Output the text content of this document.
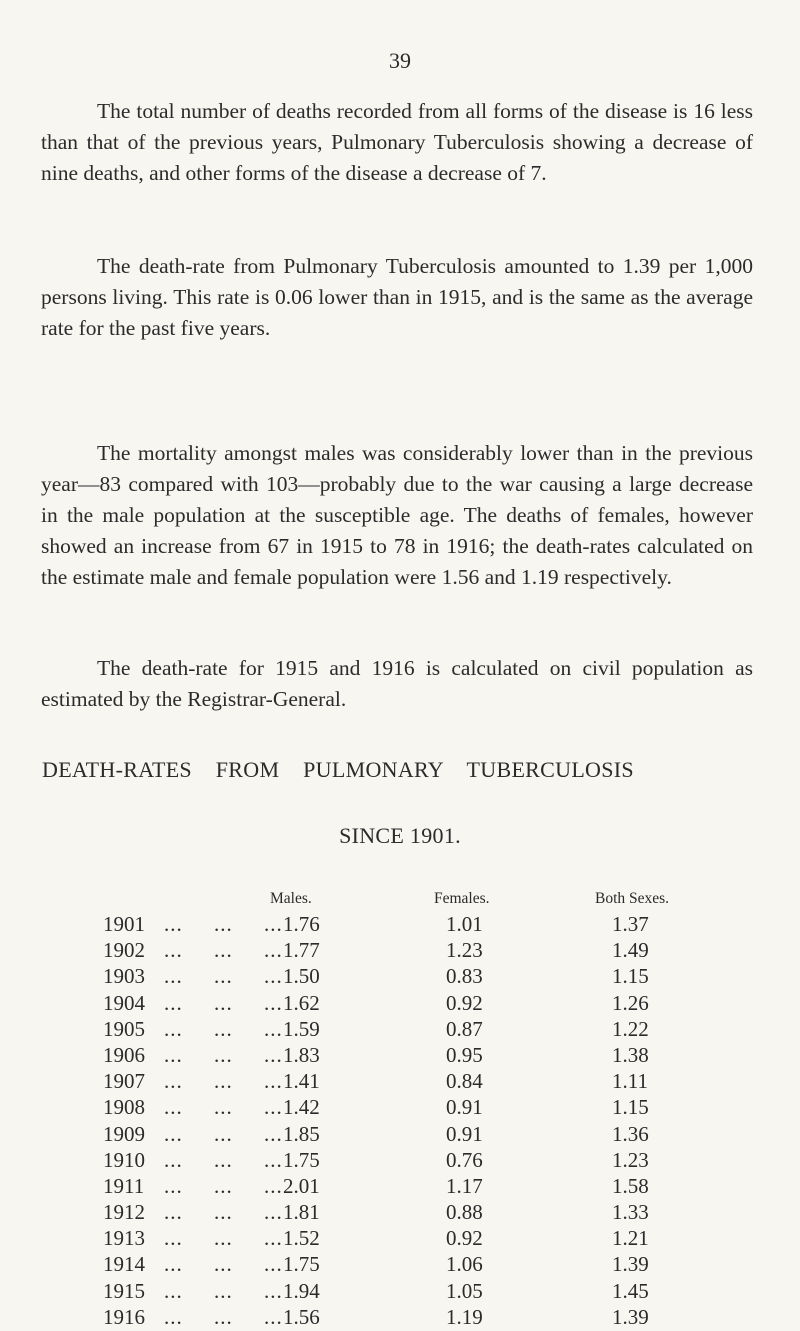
39

The total number of deaths recorded from all forms of the disease is 16 less than that of the previous years, Pulmonary Tuberculosis showing a decrease of nine deaths, and other forms of the disease a decrease of 7.

The death-rate from Pulmonary Tuberculosis amounted to 1.39 per 1,000 persons living. This rate is 0.06 lower than in 1915, and is the same as the average rate for the past five years.

The mortality amongst males was considerably lower than in the previous year—83 compared with 103—probably due to the war causing a large decrease in the male population at the susceptible age. The deaths of females, however showed an increase from 67 in 1915 to 78 in 1916; the death-rates calculated on the estimate male and female population were 1.56 and 1.19 respectively.

The death-rate for 1915 and 1916 is calculated on civil population as estimated by the Registrar-General.

DEATH-RATES FROM PULMONARY TUBERCULOSIS

SINCE 1901.

Males.	Females.	Both Sexes.
1901 ...     ...     ... 1.76	1.01	1.37
1902 ...     ...     ... 1.77	1.23	1.49
1903 ...     ...     ... 1.50	0.83	1.15
1904 ...     ...     ... 1.62	0.92	1.26
1905 ...     ...     ... 1.59	0.87	1.22
1906 ...     ...     ... 1.83	0.95	1.38
1907 ...     ...     ... 1.41	0.84	1.11
1908 ...     ...     ... 1.42	0.91	1.15
1909 ...     ...     ... 1.85	0.91	1.36
1910 ...     ...     ... 1.75	0.76	1.23
1911 ...     ...     ... 2.01	1.17	1.58
1912 ...     ...     ... 1.81	0.88	1.33
1913 ...     ...     ... 1.52	0.92	1.21
1914 ...     ...     ... 1.75	1.06	1.39
1915 ...     ...     ... 1.94	1.05	1.45
1916 ...     ...     ... 1.56	1.19	1.39
